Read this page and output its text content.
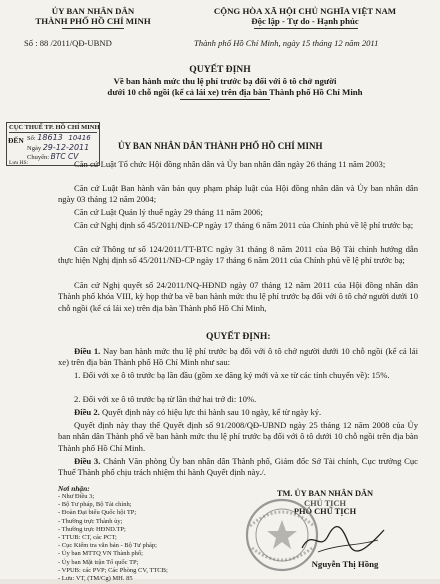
ỦY BAN NHÂN DÂN
THÀNH PHỐ HỒ CHÍ MINH
CỘNG HÒA XÃ HỘI CHỦ NGHĨA VIỆT NAM
Độc lập - Tự do - Hạnh phúc
Số : 88 /2011/QĐ-UBND	Thành phố Hồ Chí Minh, ngày 15 tháng 12 năm 2011
QUYẾT ĐỊNH
Về ban hành mức thu lệ phí trước bạ đối với ô tô chở người
dưới 10 chỗ ngồi (kể cả lái xe) trên địa bàn Thành phố Hồ Chí Minh
CỤC THUẾ TP. HỒ CHÍ MINH
Số: 18613 10416
ĐẾN
Ngày 29-12-2011
Chuyển: BTC CV
Lưu HS:
ỦY BAN NHÂN DÂN THÀNH PHỐ HỒ CHÍ MINH

Căn cứ Luật Tổ chức Hội đồng nhân dân và Ủy ban nhân dân ngày 26 tháng 11 năm 2003;

Căn cứ Luật Ban hành văn bản quy phạm pháp luật của Hội đồng nhân dân và Ủy ban nhân dân ngày 03 tháng 12 năm 2004;

Căn cứ Luật Quản lý thuế ngày 29 tháng 11 năm 2006;

Căn cứ Nghị định số 45/2011/NĐ-CP ngày 17 tháng 6 năm 2011 của Chính phủ về lệ phí trước bạ;

Căn cứ Thông tư số 124/2011/TT-BTC ngày 31 tháng 8 năm 2011 của Bộ Tài chính hướng dẫn thực hiện Nghị định số 45/2011/NĐ-CP ngày 17 tháng 6 năm 2011 của Chính phủ về lệ phí trước bạ;

Căn cứ Nghị quyết số 24/2011/NQ-HĐND ngày 07 tháng 12 năm 2011 của Hội đồng nhân dân Thành phố khóa VIII, kỳ họp thứ ba về ban hành mức thu lệ phí trước bạ đối với ô tô chở người dưới 10 chỗ ngồi (kể cả lái xe) trên địa bàn Thành phố Hồ Chí Minh,

QUYẾT ĐỊNH:

Điều 1. Nay ban hành mức thu lệ phí trước bạ đối với ô tô chở người dưới 10 chỗ ngồi (kể cả lái xe) trên địa bàn Thành phố Hồ Chí Minh như sau:

1. Đối với xe ô tô trước bạ lần đầu (gồm xe đăng ký mới và xe từ các tỉnh chuyển về): 15%.

2. Đối với xe ô tô trước bạ từ lần thứ hai trở đi: 10%.

Điều 2. Quyết định này có hiệu lực thi hành sau 10 ngày, kể từ ngày ký.

Quyết định này thay thế Quyết định số 91/2008/QĐ-UBND ngày 25 tháng 12 năm 2008 của Ủy ban nhân dân Thành phố về ban hành mức thu lệ phí trước bạ đối với ô tô dưới 10 chỗ ngồi trên địa bàn Thành phố Hồ Chí Minh.

Điều 3. Chánh Văn phòng Ủy ban nhân dân Thành phố, Giám đốc Sở Tài chính, Cục trưởng Cục Thuế Thành phố chịu trách nhiệm thi hành Quyết định này./.

Nơi nhận:
- Như Điều 3;
- Bộ Tư pháp, Bộ Tài chính;
- Đoàn Đại biểu Quốc hội TP;
- Thường trực Thành ủy;
- Thường trực HĐND.TP;
- TTUB: CT, các PCT;
- Cục Kiểm tra văn bản - Bộ Tư pháp;
- Ủy ban MTTQ VN Thành phố;
- Ủy ban Mặt trận Tổ quốc TP;
TM. ỦY BAN NHÂN DÂN
CHỦ TỊCH
PHÓ CHỦ TỊCH
Nguyễn Thị Hồng
- VPUB: các PVP; Các Phòng CV, TTCB;
- Lưu: VT, (TM/Cg) MH. 85
